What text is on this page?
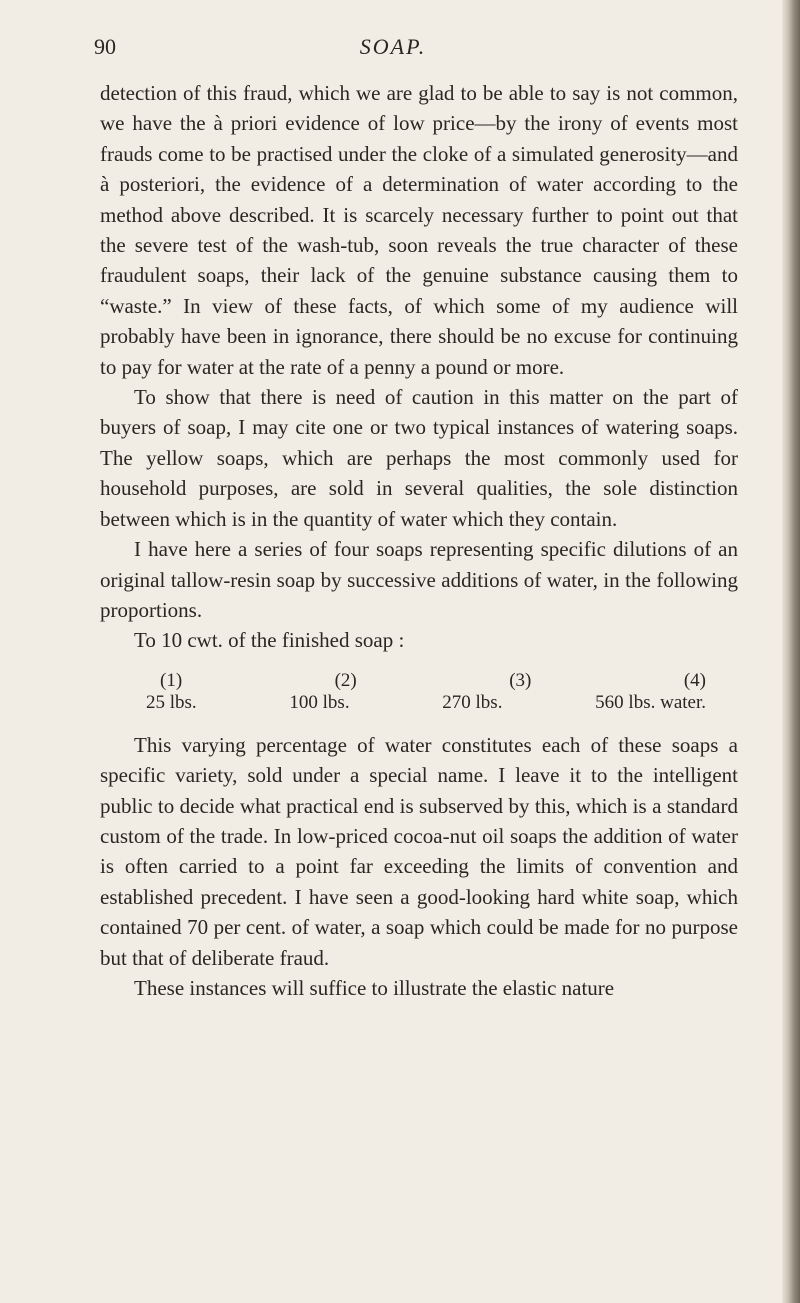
90	SOAP.

detection of this fraud, which we are glad to be able to say is not common, we have the à priori evidence of low price—by the irony of events most frauds come to be practised under the cloke of a simulated generosity—and à posteriori, the evidence of a determination of water according to the method above described. It is scarcely necessary further to point out that the severe test of the wash-tub, soon reveals the true character of these fraudulent soaps, their lack of the genuine substance causing them to “waste.” In view of these facts, of which some of my audience will probably have been in ignorance, there should be no excuse for continuing to pay for water at the rate of a penny a pound or more.

To show that there is need of caution in this matter on the part of buyers of soap, I may cite one or two typical instances of watering soaps. The yellow soaps, which are perhaps the most commonly used for household purposes, are sold in several qualities, the sole distinction between which is in the quantity of water which they contain.

I have here a series of four soaps representing specific dilutions of an original tallow-resin soap by successive additions of water, in the following proportions.

To 10 cwt. of the finished soap :

(1)	(2)	(3)	(4)
25 lbs.	100 lbs.	270 lbs.	560 lbs. water.

This varying percentage of water constitutes each of these soaps a specific variety, sold under a special name. I leave it to the intelligent public to decide what practical end is subserved by this, which is a standard custom of the trade. In low-priced cocoa-nut oil soaps the addition of water is often carried to a point far exceeding the limits of convention and established precedent. I have seen a good-looking hard white soap, which contained 70 per cent. of water, a soap which could be made for no purpose but that of deliberate fraud.

These instances will suffice to illustrate the elastic nature
